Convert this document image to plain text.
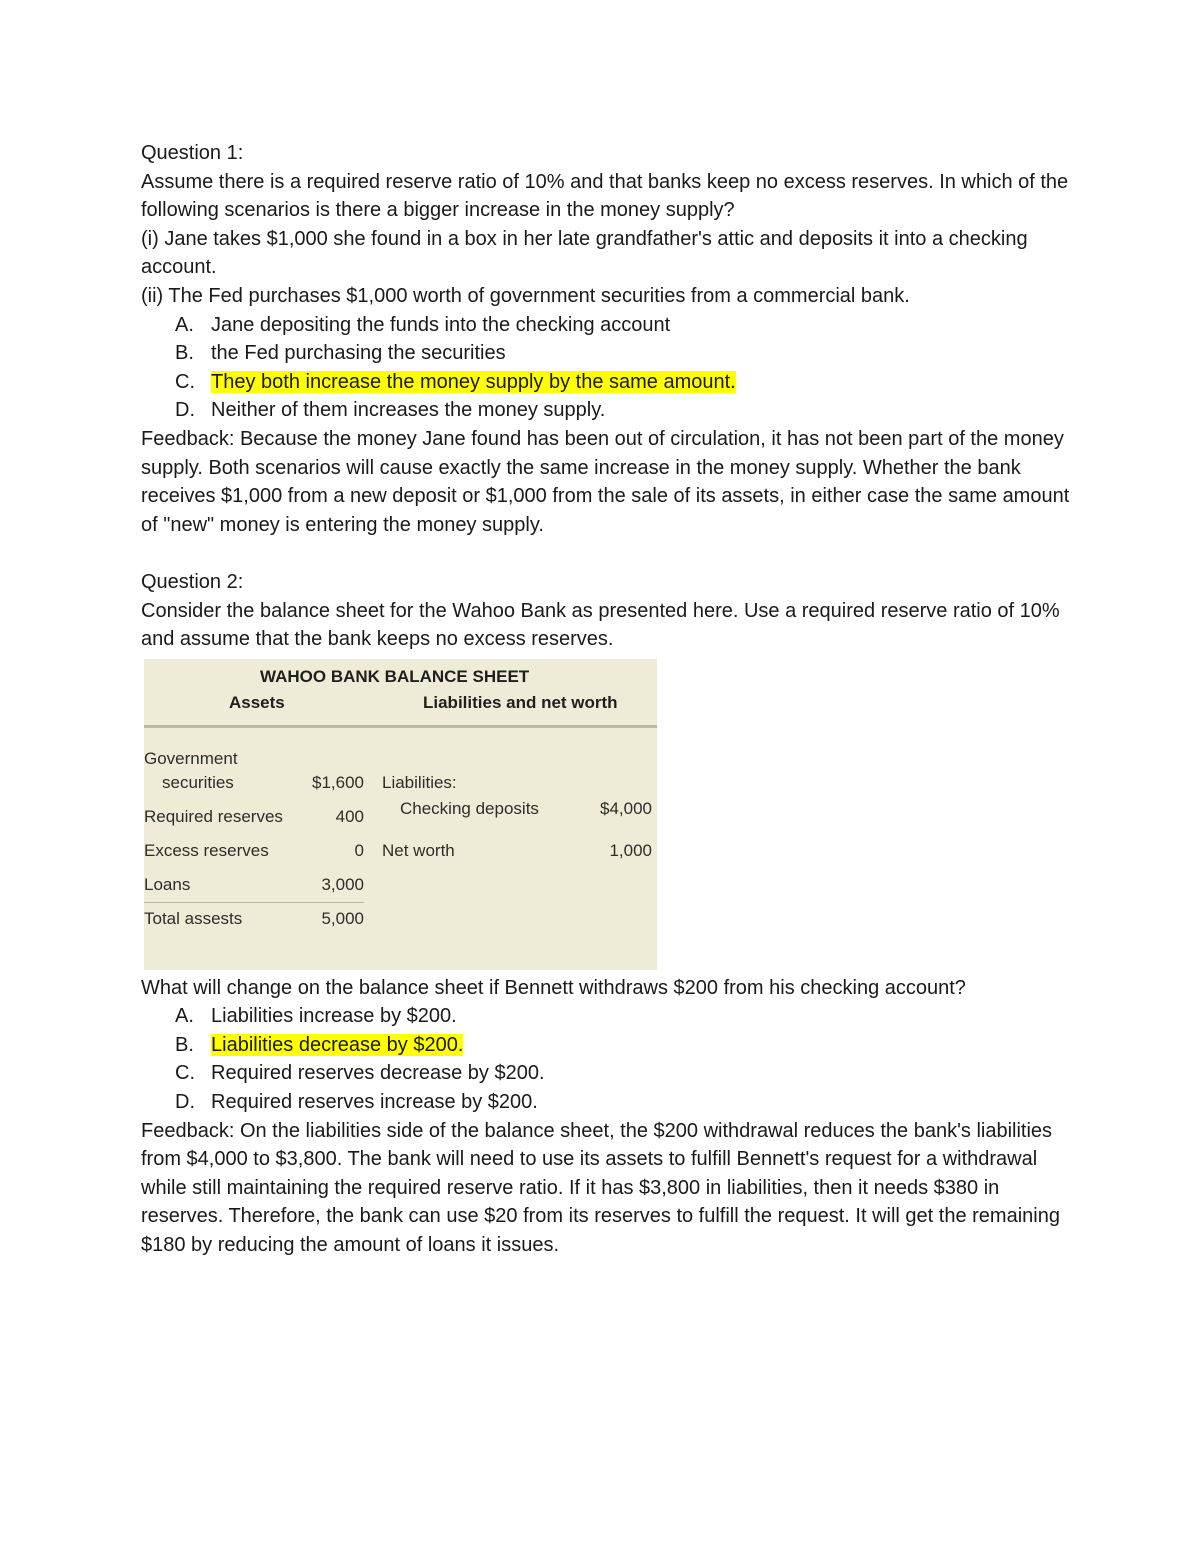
Question 1:

Assume there is a required reserve ratio of 10% and that banks keep no excess reserves. In which of the following scenarios is there a bigger increase in the money supply?

(i) Jane takes $1,000 she found in a box in her late grandfather's attic and deposits it into a checking account.

(ii) The Fed purchases $1,000 worth of government securities from a commercial bank.

A. Jane depositing the funds into the checking account

B. the Fed purchasing the securities

C. They both increase the money supply by the same amount.

D. Neither of them increases the money supply.

Feedback: Because the money Jane found has been out of circulation, it has not been part of the money supply. Both scenarios will cause exactly the same increase in the money supply. Whether the bank receives $1,000 from a new deposit or $1,000 from the sale of its assets, in either case the same amount of "new" money is entering the money supply.

Question 2:

Consider the balance sheet for the Wahoo Bank as presented here. Use a required reserve ratio of 10% and assume that the bank keeps no excess reserves.

WAHOO BANK BALANCE SHEET
Assets	Liabilities and net worth
Government
securities	$1,600
Required reserves	400
Excess reserves	0
Loans	3,000
Total assests	5,000
Liabilities:
Checking deposits	$4,000
Net worth	1,000

What will change on the balance sheet if Bennett withdraws $200 from his checking account?

A. Liabilities increase by $200.

B. Liabilities decrease by $200.

C. Required reserves decrease by $200.

D. Required reserves increase by $200.

Feedback: On the liabilities side of the balance sheet, the $200 withdrawal reduces the bank's liabilities from $4,000 to $3,800. The bank will need to use its assets to fulfill Bennett's request for a withdrawal while still maintaining the required reserve ratio. If it has $3,800 in liabilities, then it needs $380 in reserves. Therefore, the bank can use $20 from its reserves to fulfill the request. It will get the remaining $180 by reducing the amount of loans it issues.
